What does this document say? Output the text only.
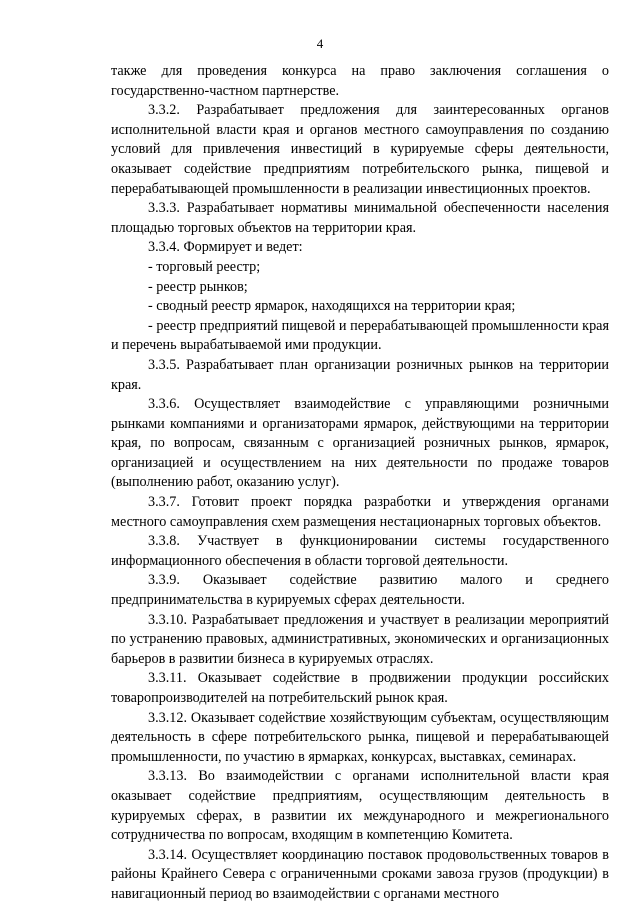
4

также для проведения конкурса на право заключения соглашения о государственно-частном партнерстве.

3.3.2. Разрабатывает предложения для заинтересованных органов исполнительной власти края и органов местного самоуправления по созданию условий для привлечения инвестиций в курируемые сферы деятельности, оказывает содействие предприятиям потребительского рынка, пищевой и перерабатывающей промышленности в реализации инвестиционных проектов.

3.3.3. Разрабатывает нормативы минимальной обеспеченности населения площадью торговых объектов на территории края.

3.3.4. Формирует и ведет:

- торговый реестр;

- реестр рынков;

- сводный реестр ярмарок, находящихся на территории края;

- реестр предприятий пищевой и перерабатывающей промышленности края и перечень вырабатываемой ими продукции.

3.3.5. Разрабатывает план организации розничных рынков на территории края.

3.3.6. Осуществляет взаимодействие с управляющими розничными рынками компаниями и организаторами ярмарок, действующими на территории края, по вопросам, связанным с организацией розничных рынков, ярмарок, организацией и осуществлением на них деятельности по продаже товаров (выполнению работ, оказанию услуг).

3.3.7. Готовит проект порядка разработки и утверждения органами местного самоуправления схем размещения нестационарных торговых объектов.

3.3.8. Участвует в функционировании системы государственного информационного обеспечения в области торговой деятельности.

3.3.9. Оказывает содействие развитию малого и среднего предпринимательства в курируемых сферах деятельности.

3.3.10. Разрабатывает предложения и участвует в реализации мероприятий по устранению правовых, административных, экономических и организационных барьеров в развитии бизнеса в курируемых отраслях.

3.3.11. Оказывает содействие в продвижении продукции российских товаропроизводителей на потребительский рынок края.

3.3.12. Оказывает содействие хозяйствующим субъектам, осуществляющим деятельность в сфере потребительского рынка, пищевой и перерабатывающей промышленности, по участию в ярмарках, конкурсах, выставках, семинарах.

3.3.13. Во взаимодействии с органами исполнительной власти края оказывает содействие предприятиям, осуществляющим деятельность в курируемых сферах, в развитии их международного и межрегионального сотрудничества по вопросам, входящим в компетенцию Комитета.

3.3.14. Осуществляет координацию поставок продовольственных товаров в районы Крайнего Севера с ограниченными сроками завоза грузов (продукции) в навигационный период во взаимодействии с органами местного
